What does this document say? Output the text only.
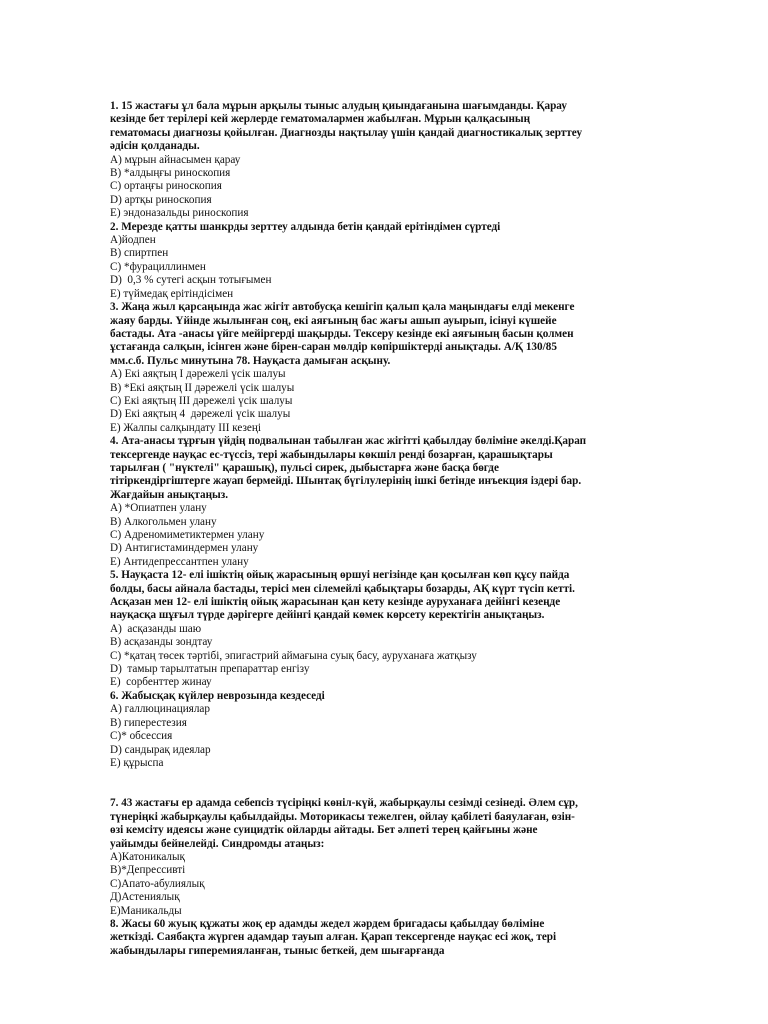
1. 15 жастағы ұл бала мұрын арқылы тыныс алудың қиындағанына шағымданды. Қарау кезінде бет терілері кей жерлерде гематомалармен жабылған. Мұрын қалқасының гематомасы диагнозы қойылған. Диагнозды нақтылау үшін қандай диагностикалық зерттеу әдісін қолданады.
А) мұрын айнасымен қарау
В) *алдыңғы риноскопия
С) ортаңғы риноскопия
D) артқы риноскопия
Е) эндоназальды риноскопия
2. Мерезде қатты шанкрды зерттеу алдында бетін қандай ерітіндімен сүртеді
А)йодпен
В) спиртпен
С) *фурациллинмен
D)  0,3 % сутегі асқын тотығымен
Е) түймедақ ерітіндісімен
3. Жаңа жыл қарсаңында жас жігіт автобусқа кешігіп қалып қала маңындағы елді мекенге жаяу барды. Үйінде жылынған соң, екі аяғының бас жағы ашып ауырып, ісінуі күшейе бастады. Ата -анасы үйге мейіргерді шақырды. Тексеру кезінде екі аяғының басын қолмен ұстағанда салқын, ісінген және бірен-саран мөлдір көпіршіктерді анықтады. А/Қ 130/85 мм.с.б. Пульс минутына 78. Науқаста дамыған асқыну.
А) Екі аяқтың І дәрежелі үсік шалуы
В) *Екі аяқтың ІІ дәрежелі үсік шалуы
С) Екі аяқтың ІІІ дәрежелі үсік шалуы
D) Екі аяқтың 4  дәрежелі үсік шалуы
Е) Жалпы салқындату ІІІ кезеңі
4. Ата-анасы тұрғын үйдің подвалынан табылған жас жігітті қабылдау бөліміне әкелді.Қарап тексергенде науқас ес-түссіз, тері жабындылары көкшіл ренді бозарған, қарашықтары тарылған ( "нүктелі" қарашық), пульсі сирек, дыбыстарға және басқа бөгде тітіркендіргіштерге жауап бермейді. Шынтақ бүгілулерінің ішкі бетінде инъекция іздері бар. Жағдайын анықтаңыз.
А) *Опиатпен улану
В) Алкогольмен улану
С) Адреномиметиктермен улану
D) Антигистаминдермен улану
Е) Антидепрессантпен улану
5. Науқаста 12- елі ішіктің ойық жарасының өршуі негізінде қан қосылған көп құсу пайда болды, басы айнала бастады, терісі мен сілемейлі қабықтары бозарды, АҚ күрт түсіп кетті. Асқазан мен 12- елі ішіктің ойық жарасынан қан кету кезінде ауруханаға дейінгі кезеңде науқасқа шұғыл түрде дәрігерге дейінгі қандай көмек көрсету керектігін анықтаңыз.
А)  асқазанды шаю
В) асқазанды зондтау
С) *қатаң төсек тәртібі, эпигастрий аймағына суық басу, ауруханаға жатқызу
D)  тамыр тарылтатын препараттар енгізу
Е)  сорбенттер жинау
6. Жабысқақ күйлер неврозында кездеседі
А) галлюцинациялар
В) гиперестезия
С)* обсессия
D) сандырақ идеялар
Е) құрыспа
7. 43 жастағы ер адамда себепсіз түсіріңкі көніл-күй, жабырқаулы сезімді сезінеді. Әлем сұр, түнеріңкі жабырқаулы қабылдайды. Моторикасы тежелген, ойлау қабілеті баяулаған, өзін-өзі кемсіту идеясы және суицидтік ойларды айтады. Бет әлпеті терең қайғыны және уайымды бейнелейді. Синдромды атаңыз:
А)Катоникалық
В)*Депрессивті
С)Апато-абулиялық
Д)Астениялық
Е)Маникальды
8. Жасы 60 жуық құжаты жоқ ер адамды жедел жәрдем бригадасы қабылдау бөліміне жеткізді. Саябақта жүрген адамдар тауып алған. Қарап тексергенде науқас есі жоқ, терi жабындылары гиперемияланған, тыныс беткей, дем шығарғанда
